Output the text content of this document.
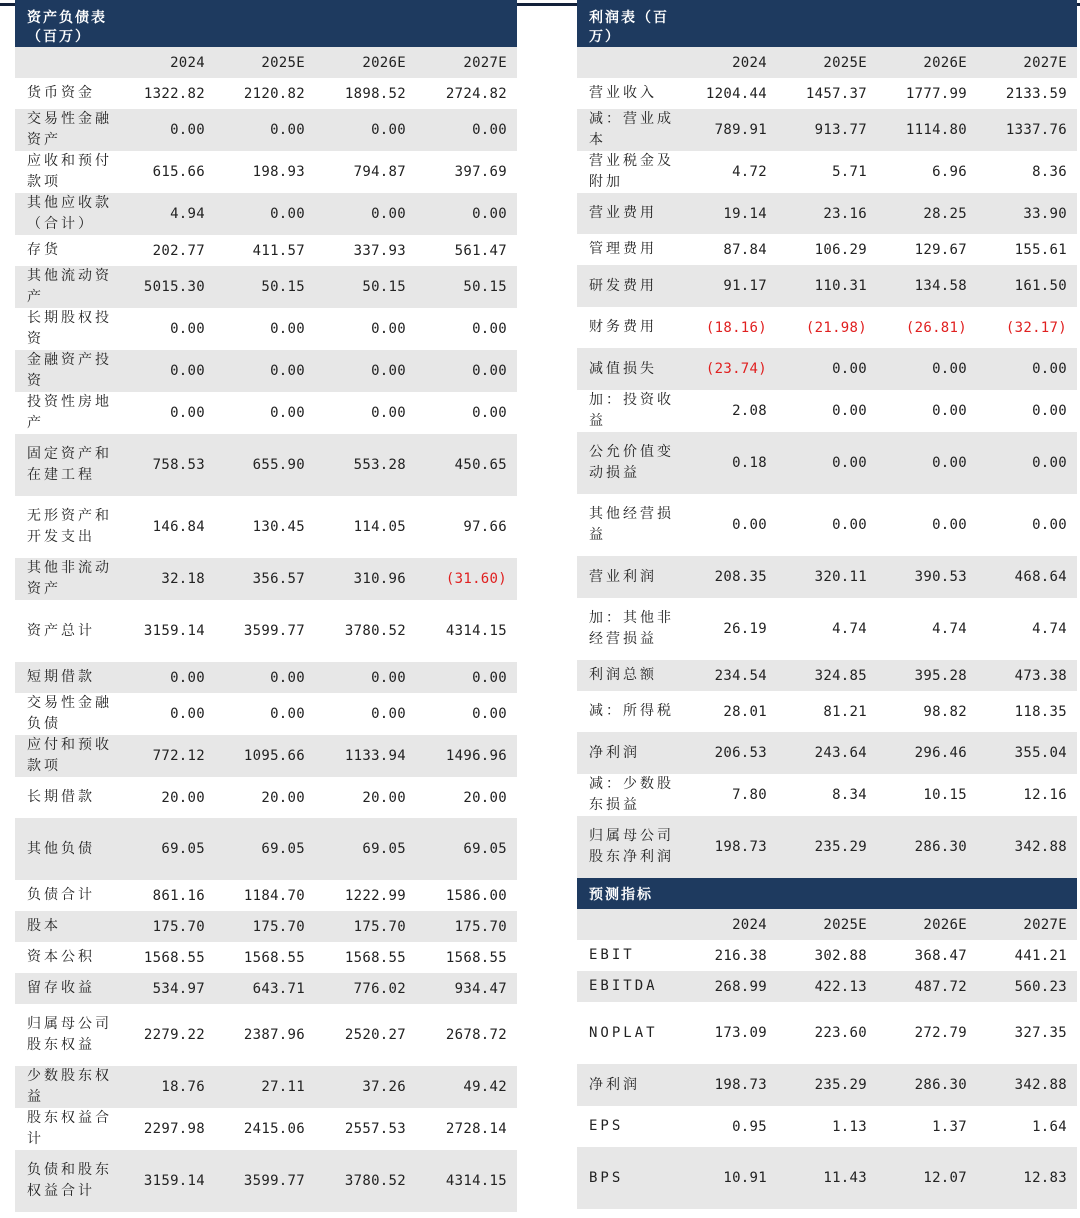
资产负债表（百万）
	2024	2025E	2026E	2027E
货币资金	1322.82	2120.82	1898.52	2724.82
交易性金融资产	0.00	0.00	0.00	0.00
应收和预付款项	615.66	198.93	794.87	397.69
其他应收款（合计）	4.94	0.00	0.00	0.00
存货	202.77	411.57	337.93	561.47
其他流动资产	5015.30	50.15	50.15	50.15
长期股权投资	0.00	0.00	0.00	0.00
金融资产投资	0.00	0.00	0.00	0.00
投资性房地产	0.00	0.00	0.00	0.00
固定资产和在建工程	758.53	655.90	553.28	450.65
无形资产和开发支出	146.84	130.45	114.05	97.66
其他非流动资产	32.18	356.57	310.96	(31.60)
资产总计	3159.14	3599.77	3780.52	4314.15
短期借款	0.00	0.00	0.00	0.00
交易性金融负债	0.00	0.00	0.00	0.00
应付和预收款项	772.12	1095.66	1133.94	1496.96
长期借款	20.00	20.00	20.00	20.00
其他负债	69.05	69.05	69.05	69.05
负债合计	861.16	1184.70	1222.99	1586.00
股本	175.70	175.70	175.70	175.70
资本公积	1568.55	1568.55	1568.55	1568.55
留存收益	534.97	643.71	776.02	934.47
归属母公司股东权益	2279.22	2387.96	2520.27	2678.72
少数股东权益	18.76	27.11	37.26	49.42
股东权益合计	2297.98	2415.06	2557.53	2728.14
负债和股东权益合计	3159.14	3599.77	3780.52	4314.15
利润表（百万）
	2024	2025E	2026E	2027E
营业收入	1204.44	1457.37	1777.99	2133.59
减：营业成本	789.91	913.77	1114.80	1337.76
营业税金及附加	4.72	5.71	6.96	8.36
营业费用	19.14	23.16	28.25	33.90
管理费用	87.84	106.29	129.67	155.61
研发费用	91.17	110.31	134.58	161.50
财务费用	(18.16)	(21.98)	(26.81)	(32.17)
减值损失	(23.74)	0.00	0.00	0.00
加：投资收益	2.08	0.00	0.00	0.00
公允价值变动损益	0.18	0.00	0.00	0.00
其他经营损益	0.00	0.00	0.00	0.00
营业利润	208.35	320.11	390.53	468.64
加：其他非经营损益	26.19	4.74	4.74	4.74
利润总额	234.54	324.85	395.28	473.38
减：所得税	28.01	81.21	98.82	118.35
净利润	206.53	243.64	296.46	355.04
减：少数股东损益	7.80	8.34	10.15	12.16
归属母公司股东净利润	198.73	235.29	286.30	342.88
预测指标				
	2024	2025E	2026E	2027E
EBIT	216.38	302.88	368.47	441.21
EBITDA	268.99	422.13	487.72	560.23
NOPLAT	173.09	223.60	272.79	327.35
净利润	198.73	235.29	286.30	342.88
EPS	0.95	1.13	1.37	1.64
BPS	10.91	11.43	12.07	12.83
